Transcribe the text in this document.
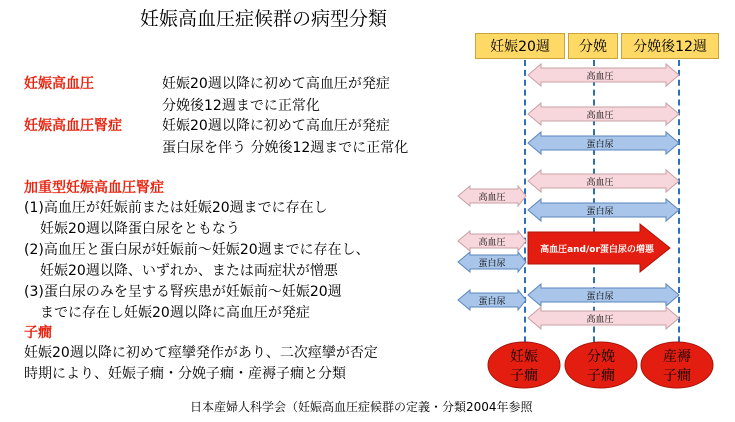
妊娠高血圧症候群の病型分類
妊娠20週	分娩	分娩後12週
妊娠高血圧	妊娠20週以降に初めて高血圧が発症
分娩後12週までに正常化
妊娠高血圧腎症	妊娠20週以降に初めて高血圧が発症
蛋白尿を伴う 分娩後12週までに正常化
加重型妊娠高血圧腎症
(1)高血圧が妊娠前または妊娠20週までに存在し
妊娠20週以降蛋白尿をともなう
(2)高血圧と蛋白尿が妊娠前～妊娠20週までに存在し、
妊娠20週以降、いずれか、または両症状が憎悪
(3)蛋白尿のみを呈する腎疾患が妊娠前～妊娠20週
までに存在し妊娠20週以降に高血圧が発症
子癇
妊娠20週以降に初めて痙攣発作があり、二次痙攣が否定
時期により、妊娠子癇・分娩子癇・産褥子癇と分類
高血圧
高血圧
蛋白尿
高血圧
高血圧
蛋白尿
高血圧
蛋白尿
高血圧and/or蛋白尿の増悪
蛋白尿	蛋白尿
高血圧
妊娠
子癇
分娩
子癇
産褥
子癇
日本産婦人科学会（妊娠高血圧症候群の定義・分類2004年参照
